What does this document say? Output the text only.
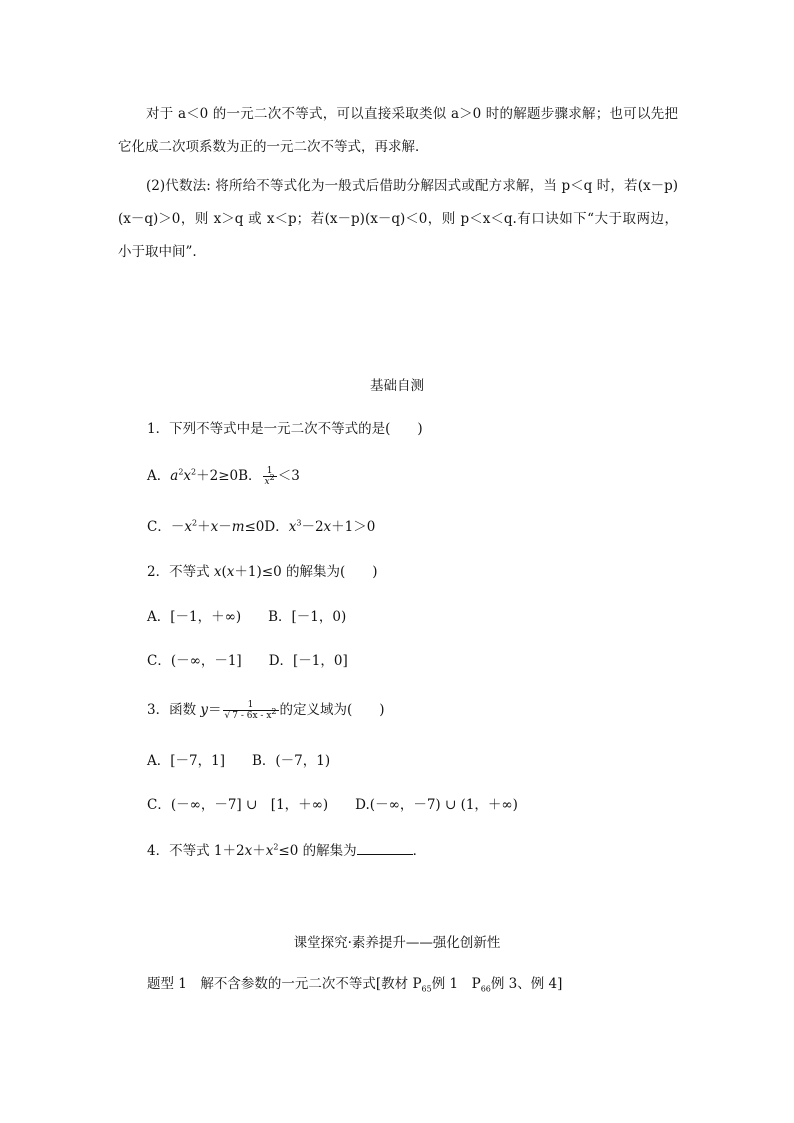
对于 a＜0 的一元二次不等式，可以直接采取类似 a＞0 时的解题步骤求解；也可以先把它化成二次项系数为正的一元二次不等式，再求解．
(2)代数法: 将所给不等式化为一般式后借助分解因式或配方求解，当 p＜q 时，若(x－p)(x－q)＞0，则 x＞q 或 x＜p；若(x－p)(x－q)＜0，则 p＜x＜q.有口诀如下“大于取两边，小于取中间”.
基础自测
1．下列不等式中是一元二次不等式的是(　　)
A．$a^2x^2+2\ge 0B$． $\frac{1}{x^2} <3$
C．$-x^2+x-m\le 0D$．$x^3-2x+1>0$
2．不等式 x(x＋1)≤0 的解集为(　　)
A．[－1，＋∞)　　B．[－1，0)
C．(－∞，－1]　　D．[－1，0]
3．函数 $y= \frac{1}{√ 7 - 6x - x^2}$ 的定义域为(　　)
A．[－7，1]　　B．(－7，1)
C．(－∞，－7] ∪　[1，＋∞)　　D.(－∞，－7) ∪ (1，＋∞)
4．不等式 $1+2x+x^2\le 0$ 的解集为	．
课堂探究·素养提升——强化创新性
题型 1　解不含参数的一元二次不等式[教材 $P_{65}$例 1　$P_{66}$例 3、例 4]
